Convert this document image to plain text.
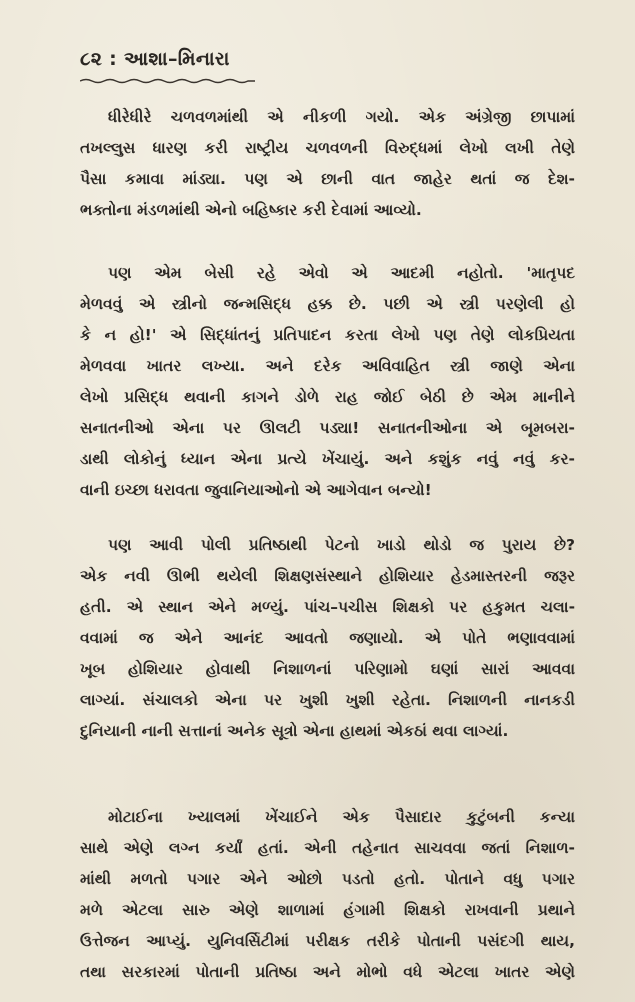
૮૨ : આશા–મિનારા
ધીરેધીરે ચળવળમાંથી એ નીકળી ગયો. એક અંગ્રેજી છાપામાં
તખલ્લુસ ધારણ કરી રાષ્ટ્રીય ચળવળની વિરુદ્ધમાં લેખો લખી તેણે
પૈસા કમાવા માંડ્યા. પણ એ છાની વાત જાહેર થતાં જ દેશ-
ભક્તોના મંડળમાંથી એનો બહિષ્કાર કરી દેવામાં આવ્યો.
પણ એમ બેસી રહે એવો એ આદમી નહોતો. 'માતૃપદ
મેળવવું એ સ્ત્રીનો જન્મસિદ્ધ હક્ક છે. પછી એ સ્ત્રી પરણેલી હો
કે ન હો!' એ સિદ્ધાંતનું પ્રતિપાદન કરતા લેખો પણ તેણે લોકપ્રિયતા
મેળવવા ખાતર લખ્યા. અને દરેક અવિવાહિત સ્ત્રી જાણે એના
લેખો પ્રસિદ્ધ થવાની કાગને ડોળે રાહ જોઈ બેઠી છે એમ માનીને
સનાતનીઓ એના પર ઊલટી પડ્યા! સનાતનીઓના એ બૂમબરા-
ડાથી લોકોનું ધ્યાન એના પ્રત્યે ખેંચાયું. અને કશુંક નવું નવું કર-
વાની ઇચ્છા ધરાવતા જુવાનિયાઓનો એ આગેવાન બન્યો!
પણ આવી પોલી પ્રતિષ્ઠાથી પેટનો ખાડો થોડો જ પુરાય છે?
એક નવી ઊભી થયેલી શિક્ષણસંસ્થાને હોશિયાર હેડમાસ્તરની જરૂર
હતી. એ સ્થાન એને મળ્યું. પાંચ–પચીસ શિક્ષકો પર હકુમત ચલા-
વવામાં જ એને આનંદ આવતો જણાયો. એ પોતે ભણાવવામાં
ખૂબ હોશિયાર હોવાથી નિશાળનાં પરિણામો ઘણાં સારાં આવવા
લાગ્યાં. સંચાલકો એના પર ખુશી ખુશી રહેતા. નિશાળની નાનકડી
દુનિયાની નાની સત્તાનાં અનેક સૂત્રો એના હાથમાં એકઠાં થવા લાગ્યાં.
મોટાઈના ખ્યાલમાં ખેંચાઈને એક પૈસાદાર કુટુંબની કન્યા
સાથે એણે લગ્ન કર્યાં હતાં. એની તહેનાત સાચવવા જતાં નિશાળ-
માંથી મળતો પગાર એને ઓછો પડતો હતો. પોતાને વધુ પગાર
મળે એટલા સારુ એણે શાળામાં હંગામી શિક્ષકો રાખવાની પ્રથાને
ઉત્તેજન આપ્યું. યુનિવર્સિટીમાં પરીક્ષક તરીકે પોતાની પસંદગી થાય,
તથા સરકારમાં પોતાની પ્રતિષ્ઠા અને મોભો વધે એટલા ખાતર એણે
